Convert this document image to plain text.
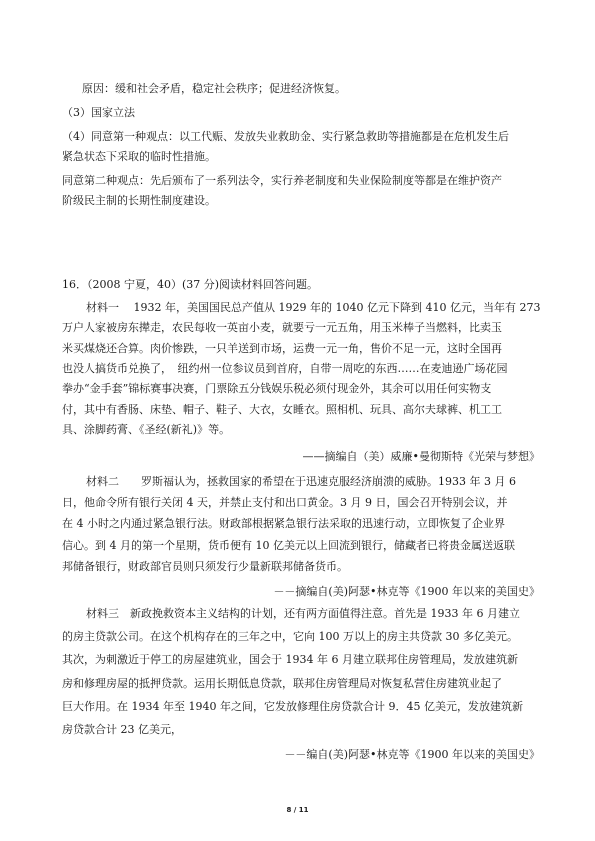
原因：缓和社会矛盾，稳定社会秩序；促进经济恢复。
（3）国家立法
（4）同意第一种观点：以工代赈、发放失业救助金、实行紧急救助等措施都是在危机发生后
紧急状态下采取的临时性措施。
同意第二种观点：先后颁布了一系列法令，实行养老制度和失业保险制度等都是在维护资产
阶级民主制的长期性制度建设。
16．（2008 宁夏，40）(37 分)阅读材料回答问题。
材料一　 1932 年，美国国民总产值从 1929 年的 1040 亿元下降到 410 亿元，当年有 273
万户人家被房东撵走，农民每收一英亩小麦，就要亏一元五角，用玉米棒子当燃料，比卖玉
米买煤烧还合算。肉价惨跌，一只羊送到市场，运费一元一角，售价不足一元，这时全国再
也没人搞货币兑换了，　纽约州一位参议员到首府，自带一周吃的东西……在麦迪逊广场花园
拳办“金手套”锦标赛事决赛，门票除五分钱娱乐税必须付现金外，其余可以用任何实物支
付，其中有香肠、床垫、帽子、鞋子、大衣，女睡衣。照相机、玩具、高尔夫球裤、机工工
具、涂脚药膏、《圣经(新礼)》等。
——摘编自（美）威廉•曼彻斯特《光荣与梦想》
材料二　　罗斯福认为，拯救国家的希望在于迅速克服经济崩溃的威胁。1933 年 3 月 6
日，他命令所有银行关闭 4 天，并禁止支付和出口黄金。3 月 9 日，国会召开特别会议，并
在 4 小时之内通过紧急银行法。财政部根据紧急银行法采取的迅速行动，立即恢复了企业界
信心。到 4 月的第一个星期，货币便有 10 亿美元以上回流到银行，储藏者已将贵金属送返联
邦储备银行，财政部官员则只须发行少量新联邦储备货币。
－－摘编自(美)阿瑟•林克等《1900 年以来的美国史》
材料三　新政挽救资本主义结构的计划，还有两方面值得注意。首先是 1933 年 6 月建立
的房主贷款公司。在这个机构存在的三年之中，它向 100 万以上的房主共贷款 30 多亿美元。
其次，为刺激近于停工的房屋建筑业，国会于 1934 年 6 月建立联邦住房管理局，发放建筑新
房和修理房屋的抵押贷款。运用长期低息贷款，联邦住房管理局对恢复私营住房建筑业起了
巨大作用。在 1934 年至 1940 年之间，它发放修理住房贷款合计 9．45 亿美元，发放建筑新
房贷款合计 23 亿美元，
－－编自(美)阿瑟•林克等《1900 年以来的美国史》
8 / 11
